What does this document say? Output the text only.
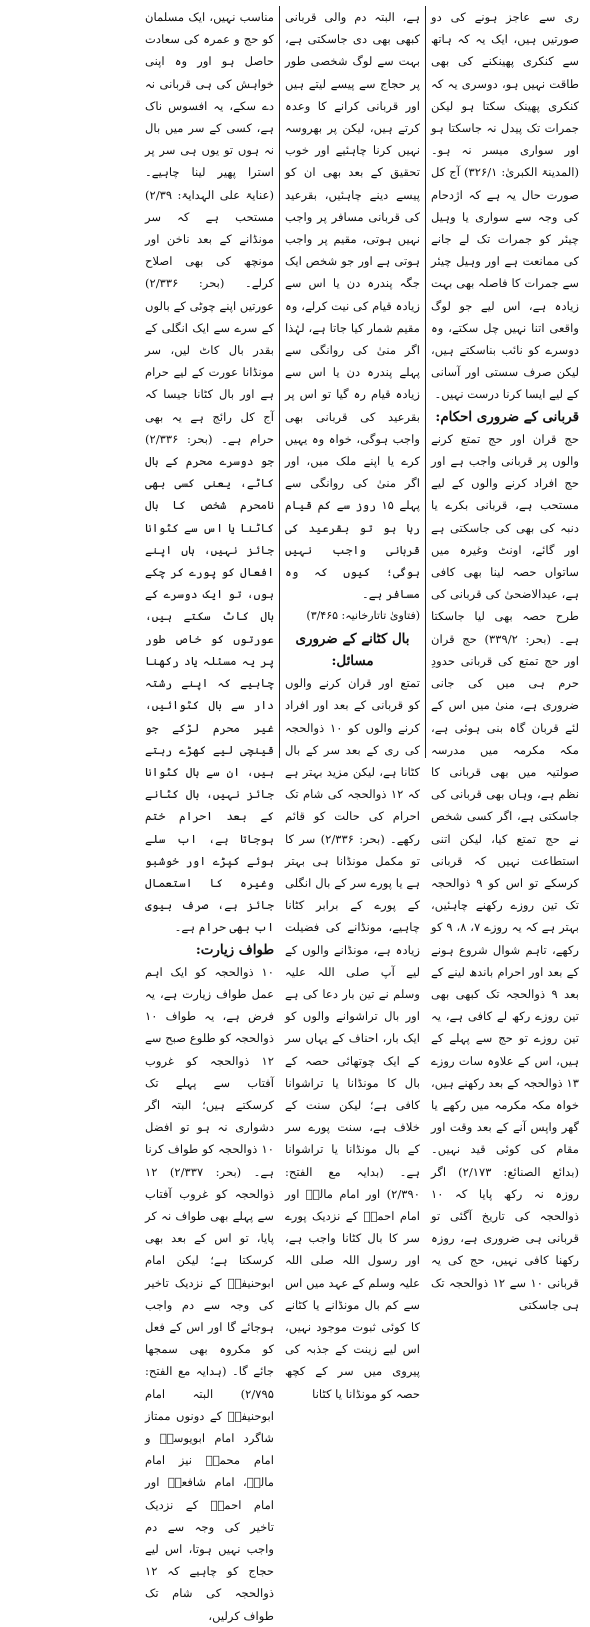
ری سے عاجز ہونے کی دو صورتیں ہیں، ایک یہ کہ ہاتھ سے کنکری پھینکنے کی بھی طاقت نہیں ہو، دوسری یہ کہ کنکری پھینک سکتا ہو لیکن جمرات تک پیدل نہ جاسکتا ہو اور سواری میسر نہ ہو۔ (المدینۃ الکبریٰ: ۳۲۶/۱) آج کل صورت حال یہ ہے کہ اژدحام کی وجہ سے سواری یا وہیل چیئر کو جمرات تک لے جانے کی ممانعت ہے اور وہیل چیئر سے جمرات کا فاصلہ بھی بہت زیادہ ہے، اس لیے جو لوگ واقعی اتنا نہیں چل سکتے، وہ دوسرے کو نائب بناسکتے ہیں، لیکن صرف سستی اور آسانی کے لیے ایسا کرنا درست نہیں۔

قربانی کے ضروری احکام:

حج قران اور حج تمتع کرنے والوں پر قربانی واجب ہے اور حج افراد کرنے والوں کے لیے مستحب ہے، قربانی بکرے یا دنبہ کی بھی کی جاسکتی ہے اور گائے، اونٹ وغیرہ میں ساتواں حصہ لینا بھی کافی ہے، عیدالاضحیٰ کی قربانی کی طرح حصہ بھی لیا جاسکتا ہے۔ (بحر: ۳۳۹/۲) حج قران اور حج تمتع کی قربانی حدودِ حرم ہی میں کی جانی ضروری ہے، منیٰ میں اس کے لئے قربان گاہ بنی ہوئی ہے، مکہ مکرمہ میں مدرسہ صولتیہ میں بھی قربانی کا نظم ہے، وہاں بھی قربانی کی جاسکتی ہے، اگر کسی شخص نے حج تمتع کیا، لیکن اتنی استطاعت نہیں کہ قربانی کرسکے تو اس کو ۹ ذوالحجہ تک تین روزے رکھنے چاہئیں، بہتر ہے کہ یہ روزے ۷، ۸، ۹ کو رکھے، تاہم شوال شروع ہونے کے بعد اور احرام باندھ لینے کے بعد ۹ ذوالحجہ تک کبھی بھی تین روزے رکھ لے کافی ہے، یہ تین روزے تو حج سے پہلے کے ہیں، اس کے علاوہ سات روزے ۱۳ ذوالحجہ کے بعد رکھنے ہیں، خواہ مکہ مکرمہ میں رکھے یا گھر واپس آنے کے بعد وقت اور مقام کی کوئی قید نہیں۔ (بدائع الصنائع: ۲/۱۷۳) اگر روزہ نہ رکھ پایا کہ ۱۰ ذوالحجہ کی تاریخ آگئی تو قربانی ہی ضروری ہے، روزہ رکھنا کافی نہیں، حج کی یہ قربانی ۱۰ سے ۱۲ ذوالحجہ تک ہی جاسکتی

ہے، البتہ دم والی قربانی کبھی بھی دی جاسکتی ہے، بہت سے لوگ شخصی طور پر حجاج سے پیسے لیتے ہیں اور قربانی کرانے کا وعدہ کرتے ہیں، لیکن پر بھروسہ نہیں کرنا چاہئیے اور خوب تحقیق کے بعد بھی ان کو پیسے دینے چاہئیں، بقرعید کی قربانی مسافر پر واجب نہیں ہوتی، مقیم پر واجب ہوتی ہے اور جو شخص ایک جگہ پندرہ دن یا اس سے زیادہ قیام کی نیت کرلے، وہ مقیم شمار کیا جاتا ہے، لہٰذا اگر منیٰ کی روانگی سے پہلے پندرہ دن یا اس سے زیادہ قیام رہ گیا تو اس پر بقرعید کی قربانی بھی واجب ہوگی، خواہ وہ یہیں کرے یا اپنے ملک میں، اور اگر منیٰ کی روانگی سے پہلے ۱۵ روز سے کم قیام رہا ہو تو بقرعید کی قربانی واجب نہیں ہوگی؛ کیوں کہ وہ مسافر ہے۔

(فتاویٰ تاتارخانیہ: ۳/۴۶۵)

بال کٹانے کے ضروری مسائل:

تمتع اور قران کرنے والوں کو قربانی کے بعد اور افراد کرنے والوں کو ۱۰ ذوالحجہ کی ری کے بعد سر کے بال کٹانا ہے، لیکن مزید بہتر ہے کہ ۱۲ ذوالحجہ کی شام تک احرام کی حالت کو قائم رکھے۔ (بحر: ۲/۳۳۶) سر کا تو مکمل مونڈانا ہی بہتر ہے یا پورے سر کے بال انگلی کے پورے کے برابر کٹانا چاہیے، مونڈانے کی فضیلت زیادہ ہے، مونڈانے والوں کے لیے آپ صلی اللہ علیہ وسلم نے تین بار دعا کی ہے اور بال تراشوانے والوں کو ایک بار، احناف کے یہاں سر کے ایک چوتھائی حصہ کے بال کا مونڈانا یا تراشوانا کافی ہے؛ لیکن سنت کے خلاف ہے، سنت پورے سر کے بال مونڈانا یا تراشوانا ہے۔ (بدایہ مع الفتح: ۲/۳۹۰) اور امام مالکؒ اور امام احمدؒ کے نزدیک پورے سر کا بال کٹانا واجب ہے، اور رسول اللہ صلی اللہ علیہ وسلم کے عہد میں اس سے کم بال مونڈانے یا کٹانے کا کوئی ثبوت موجود نہیں، اس لیے زینت کے جذبہ کی پیروی میں سر کے کچھ حصہ کو مونڈانا یا کٹانا

مناسب نہیں، ایک مسلمان کو حج و عمرہ کی سعادت حاصل ہو اور وہ اپنی خواہش کی ہی قربانی نہ دے سکے، یہ افسوس ناک ہے، کسی کے سر میں بال نہ ہوں تو یوں ہی سر پر استرا پھیر لینا چاہیے۔ (عنایۃ علی الہدایۃ: ۲/۳۹) مستحب ہے کہ سر مونڈانے کے بعد ناخن اور مونچھ کی بھی اصلاح کرلے۔ (بحر: ۲/۳۳۶) عورتیں اپنے چوٹی کے بالوں کے سرے سے ایک انگلی کے بقدر بال کاٹ لیں، سر مونڈانا عورت کے لیے حرام ہے اور بال کٹانا جیسا کہ آج کل رائج ہے یہ بھی حرام ہے۔ (بحر: ۲/۳۳۶) جو دوسرے محرم کے بال کاٹے، یعنی کسی بھی نامحرم شخص کا بال کاٹنا یا اس سے کٹوانا جائز نہیں، ہاں اپنے افعال کو پورے کر چکے ہوں، تو ایک دوسرے کے بال کاٹ سکتے ہیں، عورتوں کو خاص طور پر یہ مسئلہ یاد رکھنا چاہیے کہ اپنے رشتہ دار سے بال کٹوائیں، غیر محرم لڑکے جو قینچی لیے کھڑے رہتے ہیں، ان سے بال کٹوانا جائز نہیں، بال کٹانے کے بعد احرام ختم ہوجاتا ہے، اب سلے ہوئے کپڑے اور خوشبو وغیرہ کا استعمال جائز ہے، صرف بیوی اب بھی حرام ہے۔

طواف زیارت:

۱۰ ذوالحجہ کو ایک اہم عمل طواف زیارت ہے، یہ فرض ہے، یہ طواف ۱۰ ذوالحجہ کو طلوع صبح سے ۱۲ ذوالحجہ کو غروب آفتاب سے پہلے تک کرسکتے ہیں؛ البتہ اگر دشواری نہ ہو تو افضل ۱۰ ذوالحجہ کو طواف کرنا ہے۔ (بحر: ۲/۳۳۷) ۱۲ ذوالحجہ کو غروب آفتاب سے پہلے بھی طواف نہ کر پایا، تو اس کے بعد بھی کرسکتا ہے؛ لیکن امام ابوحنیفہؒ کے نزدیک تاخیر کی وجہ سے دم واجب ہوجائے گا اور اس کے فعل کو مکروہ بھی سمجھا جائے گا۔ (ہدایہ مع الفتح: ۲/۷۹۵) البتہ امام ابوحنیفہؒ کے دونوں ممتاز شاگرد امام ابویوسفؒ و امام محمدؒ نیز امام مالکؒ، امام شافعیؒ اور امام احمدؒ کے نزدیک تاخیر کی وجہ سے دم واجب نہیں ہوتا، اس لیے حجاج کو چاہیے کہ ۱۲ ذوالحجہ کی شام تک طواف کرلیں،
